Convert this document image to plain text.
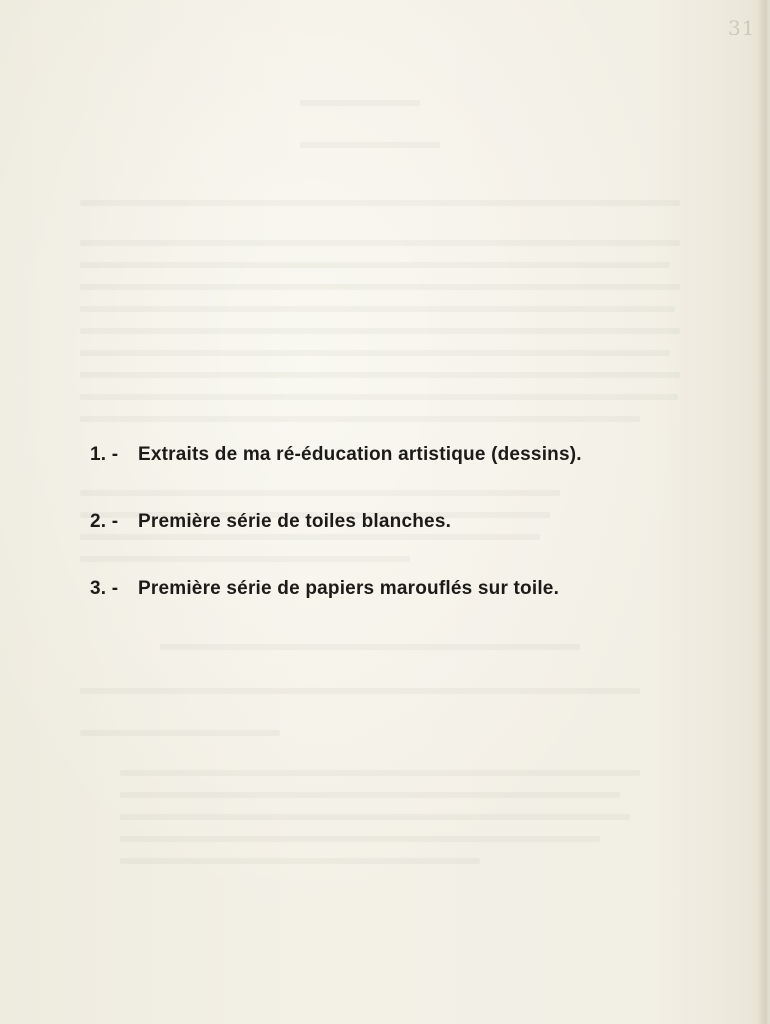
31
1. -	Extraits de ma ré-éducation artistique (dessins).
2. -	Première série de toiles blanches.
3. -	Première série de papiers marouflés sur toile.
